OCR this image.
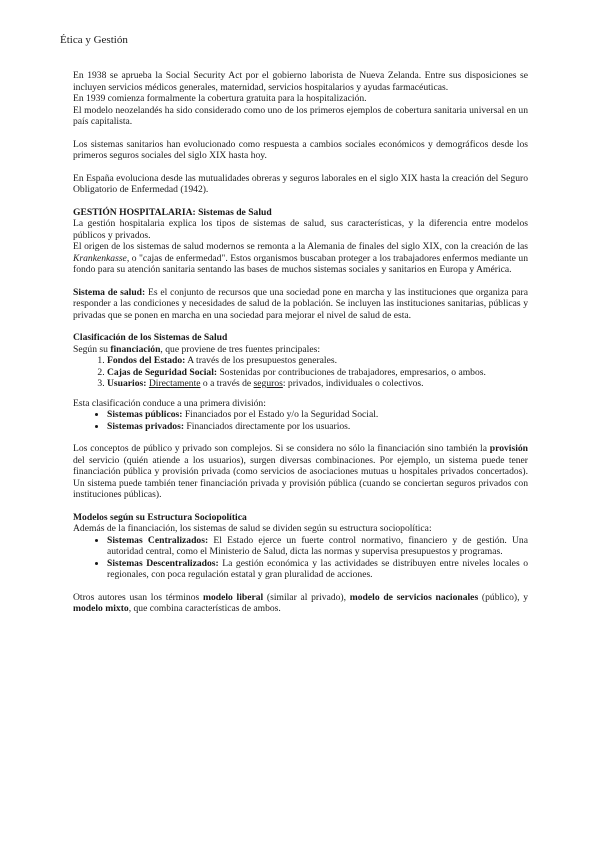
Ética y Gestión

En 1938 se aprueba la Social Security Act por el gobierno laborista de Nueva Zelanda. Entre sus disposiciones se incluyen servicios médicos generales, maternidad, servicios hospitalarios y ayudas farmacéuticas.

En 1939 comienza formalmente la cobertura gratuita para la hospitalización.

El modelo neozelandés ha sido considerado como uno de los primeros ejemplos de cobertura sanitaria universal en un país capitalista.

Los sistemas sanitarios han evolucionado como respuesta a cambios sociales económicos y demográficos desde los primeros seguros sociales del siglo XIX hasta hoy.

En España evoluciona desde las mutualidades obreras y seguros laborales en el siglo XIX hasta la creación del Seguro Obligatorio de Enfermedad (1942).

GESTIÓN HOSPITALARIA: Sistemas de Salud

La gestión hospitalaria explica los tipos de sistemas de salud, sus características, y la diferencia entre modelos públicos y privados.

El origen de los sistemas de salud modernos se remonta a la Alemania de finales del siglo XIX, con la creación de las Krankenkasse, o "cajas de enfermedad". Estos organismos buscaban proteger a los trabajadores enfermos mediante un fondo para su atención sanitaria sentando las bases de muchos sistemas sociales y sanitarios en Europa y América.

Sistema de salud: Es el conjunto de recursos que una sociedad pone en marcha y las instituciones que organiza para responder a las condiciones y necesidades de salud de la población. Se incluyen las instituciones sanitarias, públicas y privadas que se ponen en marcha en una sociedad para mejorar el nivel de salud de esta.

Clasificación de los Sistemas de Salud

Según su financiación, que proviene de tres fuentes principales:

1. Fondos del Estado: A través de los presupuestos generales.
2. Cajas de Seguridad Social: Sostenidas por contribuciones de trabajadores, empresarios, o ambos.
3. Usuarios: Directamente o a través de seguros: privados, individuales o colectivos.

Esta clasificación conduce a una primera división:

• Sistemas públicos: Financiados por el Estado y/o la Seguridad Social.
• Sistemas privados: Financiados directamente por los usuarios.

Los conceptos de público y privado son complejos. Si se considera no sólo la financiación sino también la provisión del servicio (quién atiende a los usuarios), surgen diversas combinaciones. Por ejemplo, un sistema puede tener financiación pública y provisión privada (como servicios de asociaciones mutuas u hospitales privados concertados). Un sistema puede también tener financiación privada y provisión pública (cuando se conciertan seguros privados con instituciones públicas).

Modelos según su Estructura Sociopolítica

Además de la financiación, los sistemas de salud se dividen según su estructura sociopolítica:

• Sistemas Centralizados: El Estado ejerce un fuerte control normativo, financiero y de gestión. Una autoridad central, como el Ministerio de Salud, dicta las normas y supervisa presupuestos y programas.
• Sistemas Descentralizados: La gestión económica y las actividades se distribuyen entre niveles locales o regionales, con poca regulación estatal y gran pluralidad de acciones.

Otros autores usan los términos modelo liberal (similar al privado), modelo de servicios nacionales (público), y modelo mixto, que combina características de ambos.
